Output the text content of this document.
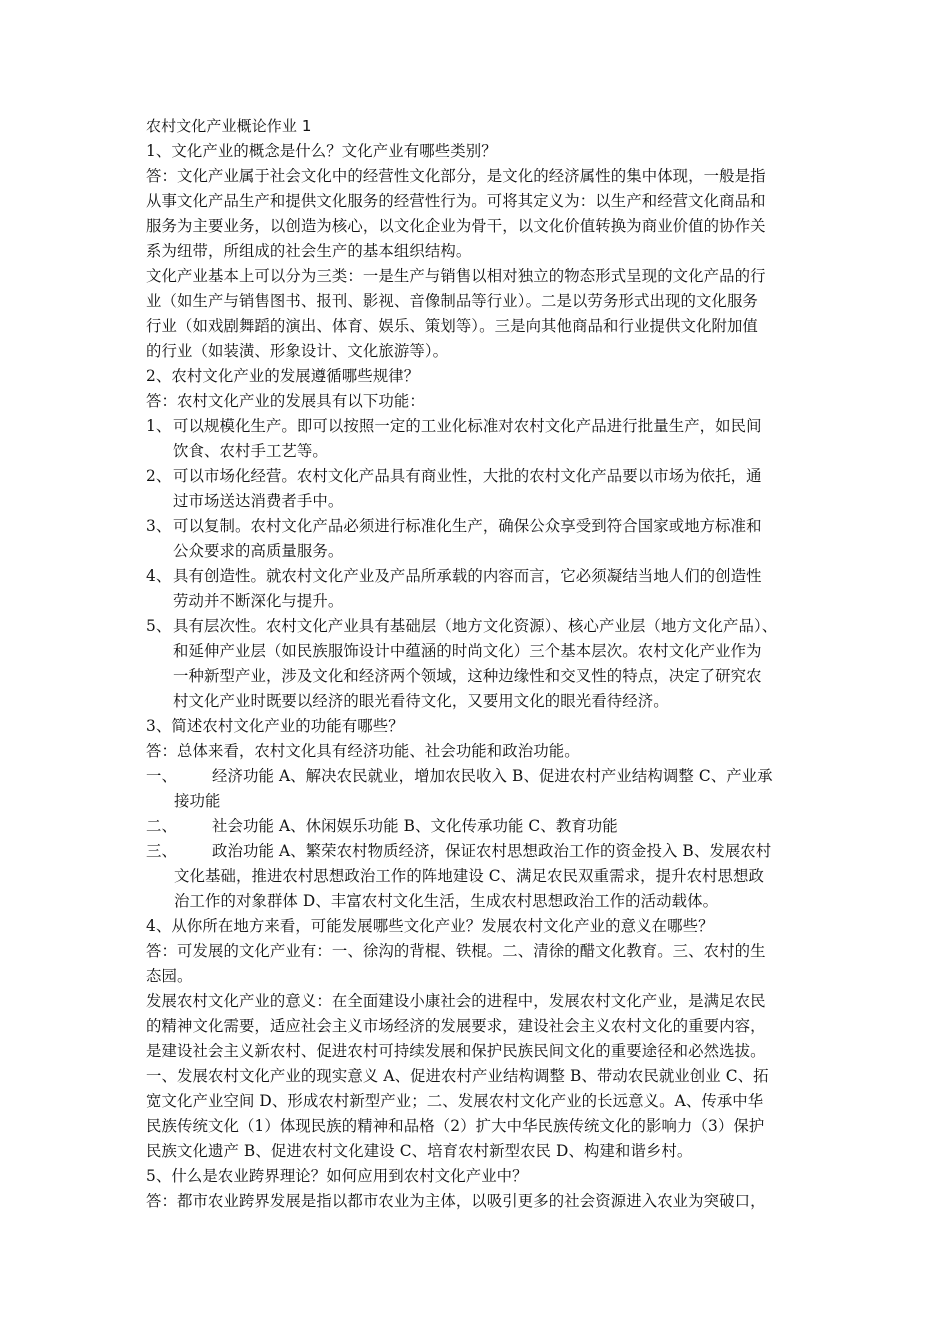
农村文化产业概论作业 1
1、文化产业的概念是什么？文化产业有哪些类别？
答：文化产业属于社会文化中的经营性文化部分，是文化的经济属性的集中体现，一般是指
从事文化产品生产和提供文化服务的经营性行为。可将其定义为：以生产和经营文化商品和
服务为主要业务，以创造为核心，以文化企业为骨干，以文化价值转换为商业价值的协作关
系为纽带，所组成的社会生产的基本组织结构。
文化产业基本上可以分为三类：一是生产与销售以相对独立的物态形式呈现的文化产品的行
业（如生产与销售图书、报刊、影视、音像制品等行业）。二是以劳务形式出现的文化服务
行业（如戏剧舞蹈的演出、体育、娱乐、策划等）。三是向其他商品和行业提供文化附加值
的行业（如装潢、形象设计、文化旅游等）。
2、农村文化产业的发展遵循哪些规律？
答：农村文化产业的发展具有以下功能：
1、 可以规模化生产。即可以按照一定的工业化标准对农村文化产品进行批量生产，如民间
饮食、农村手工艺等。
2、 可以市场化经营。农村文化产品具有商业性，大批的农村文化产品要以市场为依托，通
过市场送达消费者手中。
3、 可以复制。农村文化产品必须进行标准化生产，确保公众享受到符合国家或地方标准和
公众要求的高质量服务。
4、 具有创造性。就农村文化产业及产品所承载的内容而言，它必须凝结当地人们的创造性
劳动并不断深化与提升。
5、 具有层次性。农村文化产业具有基础层（地方文化资源）、核心产业层（地方文化产品）、
和延伸产业层（如民族服饰设计中蕴涵的时尚文化）三个基本层次。农村文化产业作为
一种新型产业，涉及文化和经济两个领域，这种边缘性和交叉性的特点，决定了研究农
村文化产业时既要以经济的眼光看待文化，又要用文化的眼光看待经济。
3、简述农村文化产业的功能有哪些？
答：总体来看，农村文化具有经济功能、社会功能和政治功能。
一、 经济功能 A、解决农民就业，增加农民收入 B、促进农村产业结构调整 C、产业承
接功能
二、 社会功能 A、休闲娱乐功能 B、文化传承功能 C、教育功能
三、 政治功能 A、繁荣农村物质经济，保证农村思想政治工作的资金投入 B、发展农村
文化基础，推进农村思想政治工作的阵地建设 C、满足农民双重需求，提升农村思想政
治工作的对象群体 D、丰富农村文化生活，生成农村思想政治工作的活动载体。
4、从你所在地方来看，可能发展哪些文化产业？发展农村文化产业的意义在哪些？
答：可发展的文化产业有：一、徐沟的背棍、铁棍。二、清徐的醋文化教育。三、农村的生
态园。
发展农村文化产业的意义：在全面建设小康社会的进程中，发展农村文化产业，是满足农民
的精神文化需要，适应社会主义市场经济的发展要求，建设社会主义农村文化的重要内容，
是建设社会主义新农村、促进农村可持续发展和保护民族民间文化的重要途径和必然选拔。
一、发展农村文化产业的现实意义 A、促进农村产业结构调整 B、带动农民就业创业 C、拓
宽文化产业空间 D、形成农村新型产业；二、发展农村文化产业的长远意义。A、传承中华
民族传统文化（1）体现民族的精神和品格（2）扩大中华民族传统文化的影响力（3）保护
民族文化遗产 B、促进农村文化建设 C、培育农村新型农民 D、构建和谐乡村。
5、什么是农业跨界理论？如何应用到农村文化产业中？
答：都市农业跨界发展是指以都市农业为主体，以吸引更多的社会资源进入农业为突破口，
